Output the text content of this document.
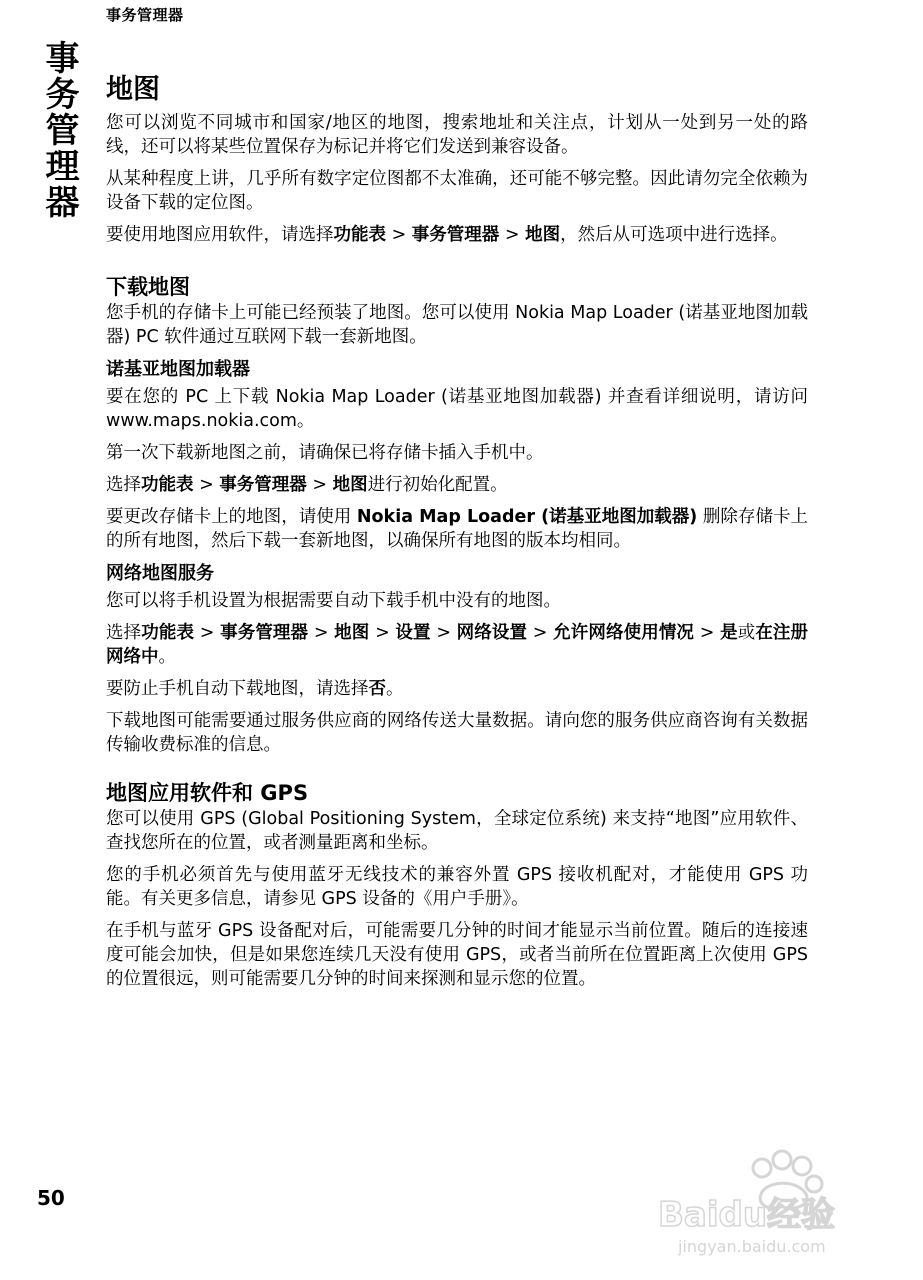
事务管理器
事务管理器 地图

您可以浏览不同城市和国家/地区的地图，搜索地址和关注点，计划从一处到另一处的路线，还可以将某些位置保存为标记并将它们发送到兼容设备。

从某种程度上讲，几乎所有数字定位图都不太准确，还可能不够完整。因此请勿完全依赖为设备下载的定位图。

要使用地图应用软件，请选择功能表 > 事务管理器 > 地图，然后从可选项中进行选择。

下载地图

您手机的存储卡上可能已经预装了地图。您可以使用 Nokia Map Loader (诺基亚地图加载器) PC 软件通过互联网下载一套新地图。

诺基亚地图加载器

要在您的 PC 上下载 Nokia Map Loader (诺基亚地图加载器) 并查看详细说明，请访问 www.maps.nokia.com。

第一次下载新地图之前，请确保已将存储卡插入手机中。

选择功能表 > 事务管理器 > 地图进行初始化配置。

要更改存储卡上的地图，请使用 Nokia Map Loader (诺基亚地图加载器) 删除存储卡上的所有地图，然后下载一套新地图，以确保所有地图的版本均相同。

网络地图服务

您可以将手机设置为根据需要自动下载手机中没有的地图。

选择功能表 > 事务管理器 > 地图 > 设置 > 网络设置 > 允许网络使用情况 > 是或在注册网络中。

要防止手机自动下载地图，请选择否。

下载地图可能需要通过服务供应商的网络传送大量数据。请向您的服务供应商咨询有关数据传输收费标准的信息。

地图应用软件和 GPS

您可以使用 GPS (Global Positioning System，全球定位系统) 来支持“地图”应用软件、查找您所在的位置，或者测量距离和坐标。

您的手机必须首先与使用蓝牙无线技术的兼容外置 GPS 接收机配对，才能使用 GPS 功能。有关更多信息，请参见 GPS 设备的《用户手册》。

在手机与蓝牙 GPS 设备配对后，可能需要几分钟的时间才能显示当前位置。随后的连接速度可能会加快，但是如果您连续几天没有使用 GPS，或者当前所在位置距离上次使用 GPS 的位置很远，则可能需要几分钟的时间来探测和显示您的位置。

50	Baidu经验
jingyan.baidu.com
